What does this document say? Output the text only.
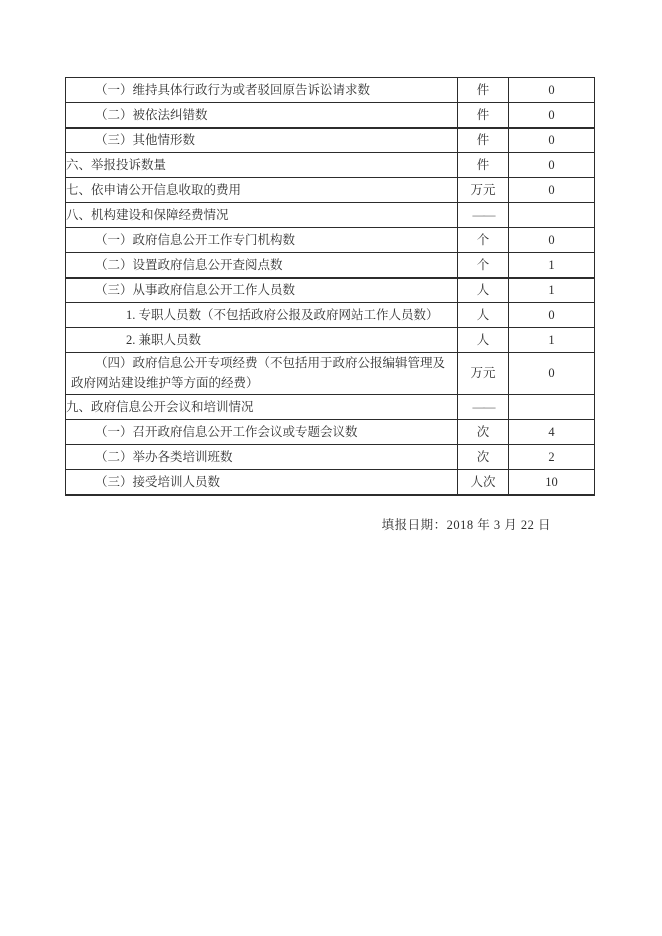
（一）维持具体行政行为或者驳回原告诉讼请求数	件	0
（二）被依法纠错数	件	0
（三）其他情形数	件	0
六、举报投诉数量	件	0
七、依申请公开信息收取的费用	万元	0
八、机构建设和保障经费情况	——	
（一）政府信息公开工作专门机构数	个	0
（二）设置政府信息公开查阅点数	个	1
（三）从事政府信息公开工作人员数	人	1
1. 专职人员数（不包括政府公报及政府网站工作人员数）	人	0
2. 兼职人员数	人	1
（四）政府信息公开专项经费（不包括用于政府公报编辑管理及政府网站建设维护等方面的经费）	万元	0
九、政府信息公开会议和培训情况	——	
（一）召开政府信息公开工作会议或专题会议数	次	4
（二）举办各类培训班数	次	2
（三）接受培训人员数	人次	10
填报日期：2018 年 3 月 22 日
